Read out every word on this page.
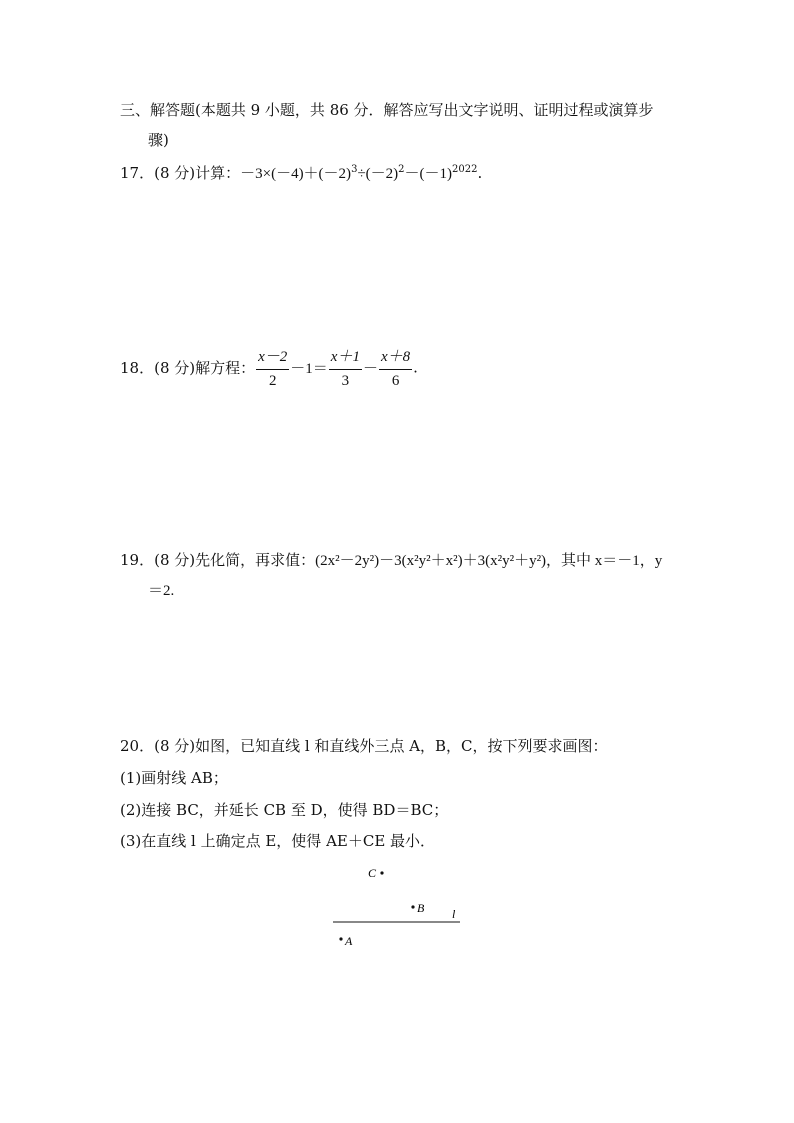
三、解答题(本题共 9 小题，共 86 分．解答应写出文字说明、证明过程或演算步
骤)
17．(8 分)计算：$-3\times(-4)+(-2)^3\div(-2)^2-(-1)^{2022}$.
18．(8 分)解方程： $\frac{x-2}{2} -1= \frac{x+1}{3} - \frac{x+8}{6}$ .
19．(8 分)先化简，再求值：(2x²－2y²)－3(x²y²＋x²)＋3(x²y²＋y²)，其中 x＝－1，y
＝2.
20．(8 分)如图，已知直线 l 和直线外三点 A，B，C，按下列要求画图：
(1)画射线 AB；
(2)连接 BC，并延长 CB 至 D，使得 BD＝BC；
(3)在直线 l 上确定点 E，使得 AE＋CE 最小．
C
B l
A
